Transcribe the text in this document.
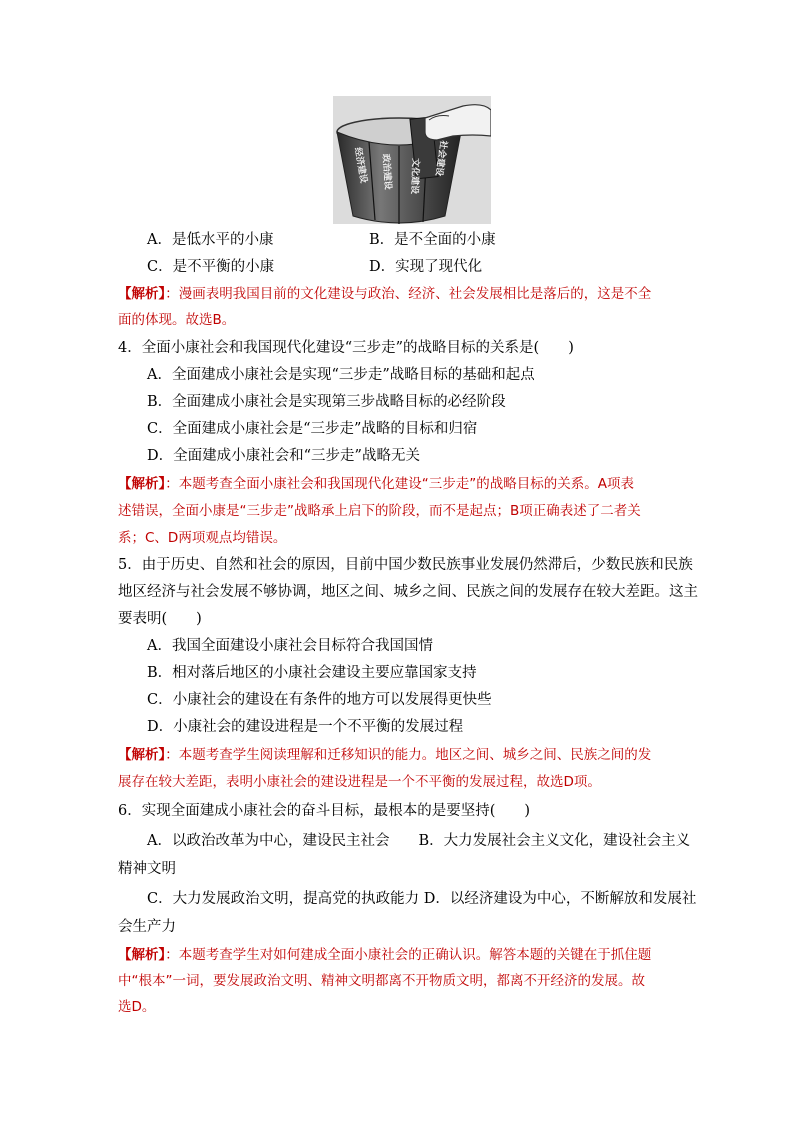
经济建设 政治建设 文化建设 社会建设
A．是低水平的小康	B．是不全面的小康
C．是不平衡的小康	D．实现了现代化
【解析】：漫画表明我国目前的文化建设与政治、经济、社会发展相比是落后的，这是不全
面的体现。故选B。
4．全面小康社会和我国现代化建设“三步走”的战略目标的关系是(　　)
A．全面建成小康社会是实现“三步走”战略目标的基础和起点
B．全面建成小康社会是实现第三步战略目标的必经阶段
C．全面建成小康社会是“三步走”战略的目标和归宿
D．全面建成小康社会和“三步走”战略无关
【解析】：本题考查全面小康社会和我国现代化建设“三步走”的战略目标的关系。A项表
述错误，全面小康是“三步走”战略承上启下的阶段，而不是起点；B项正确表述了二者关
系；C、D两项观点均错误。
5．由于历史、自然和社会的原因，目前中国少数民族事业发展仍然滞后，少数民族和民族
地区经济与社会发展不够协调，地区之间、城乡之间、民族之间的发展存在较大差距。这主
要表明(　　)
A．我国全面建设小康社会目标符合我国国情
B．相对落后地区的小康社会建设主要应靠国家支持
C．小康社会的建设在有条件的地方可以发展得更快些
D．小康社会的建设进程是一个不平衡的发展过程
【解析】：本题考查学生阅读理解和迁移知识的能力。地区之间、城乡之间、民族之间的发
展存在较大差距，表明小康社会的建设进程是一个不平衡的发展过程，故选D项。
6．实现全面建成小康社会的奋斗目标，最根本的是要坚持(　　)
A．以政治改革为中心，建设民主社会　　B．大力发展社会主义文化，建设社会主义
精神文明
C．大力发展政治文明，提高党的执政能力 D．以经济建设为中心，不断解放和发展社
会生产力
【解析】：本题考查学生对如何建成全面小康社会的正确认识。解答本题的关键在于抓住题
中“根本”一词，要发展政治文明、精神文明都离不开物质文明，都离不开经济的发展。故
选D。
